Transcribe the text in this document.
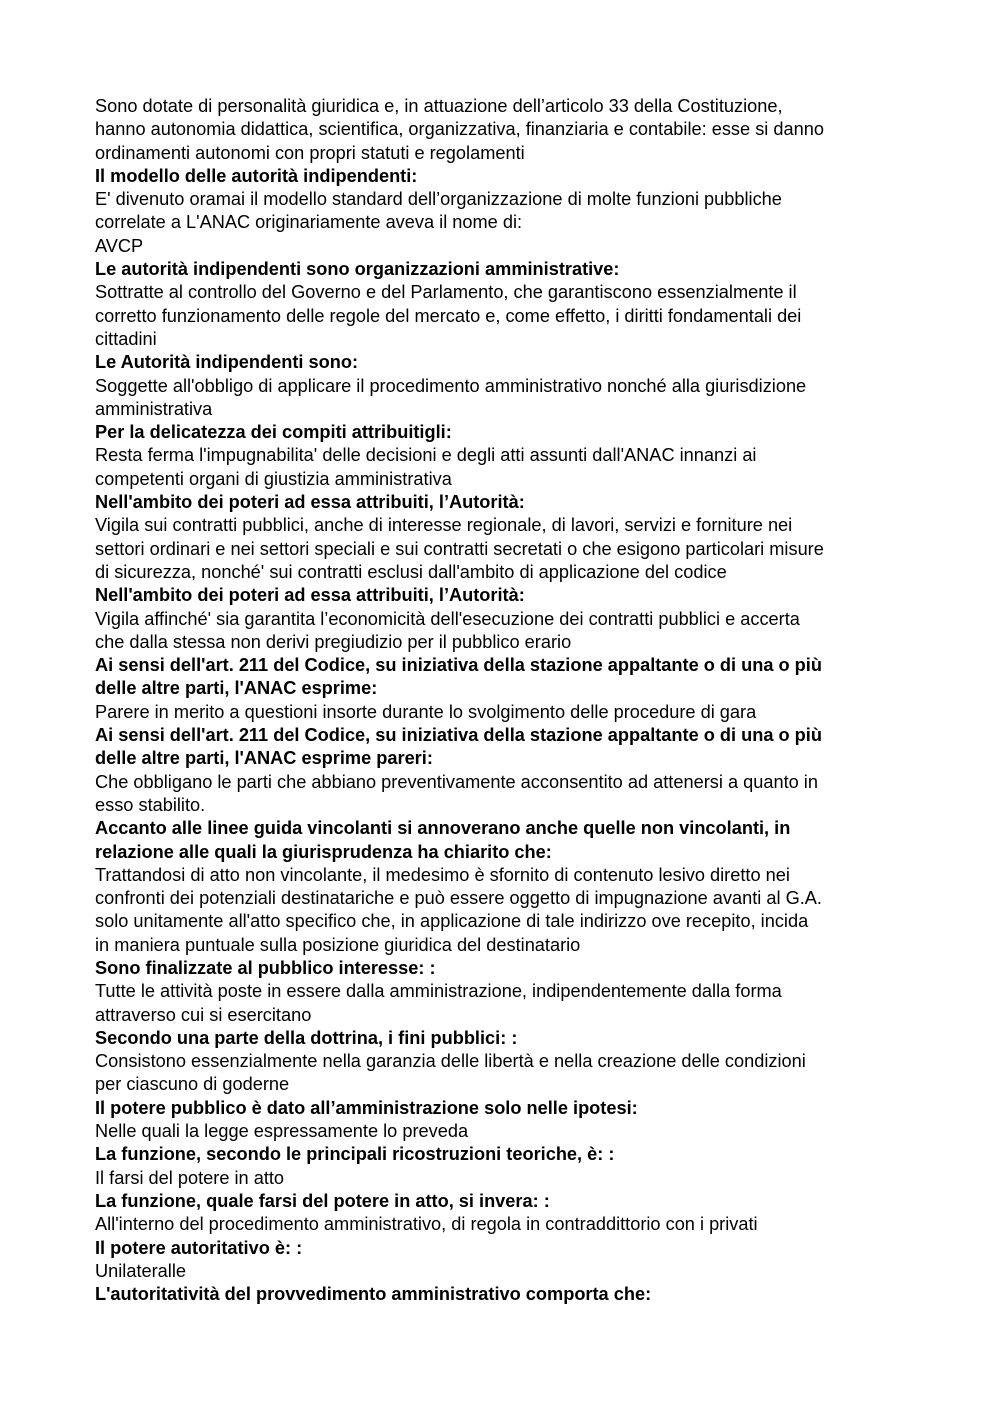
Sono dotate di personalità giuridica e, in attuazione dell’articolo 33 della Costituzione,
hanno autonomia didattica, scientifica, organizzativa, finanziaria e contabile: esse si danno
ordinamenti autonomi con propri statuti e regolamenti
Il modello delle autorità indipendenti:
E' divenuto oramai il modello standard dell’organizzazione di molte funzioni pubbliche
correlate a L'ANAC originariamente aveva il nome di:
AVCP
Le autorità indipendenti sono organizzazioni amministrative:
Sottratte al controllo del Governo e del Parlamento, che garantiscono essenzialmente il
corretto funzionamento delle regole del mercato e, come effetto, i diritti fondamentali dei
cittadini
Le Autorità indipendenti sono:
Soggette all'obbligo di applicare il procedimento amministrativo nonché alla giurisdizione
amministrativa
Per la delicatezza dei compiti attribuitigli:
Resta ferma l'impugnabilita' delle decisioni e degli atti assunti dall'ANAC innanzi ai
competenti organi di giustizia amministrativa
Nell'ambito dei poteri ad essa attribuiti, l’Autorità:
Vigila sui contratti pubblici, anche di interesse regionale, di lavori, servizi e forniture nei
settori ordinari e nei settori speciali e sui contratti secretati o che esigono particolari misure
di sicurezza, nonché' sui contratti esclusi dall'ambito di applicazione del codice
Nell'ambito dei poteri ad essa attribuiti, l’Autorità:
Vigila affinché' sia garantita l’economicità dell'esecuzione dei contratti pubblici e accerta
che dalla stessa non derivi pregiudizio per il pubblico erario
Ai sensi dell'art. 211 del Codice, su iniziativa della stazione appaltante o di una o più
delle altre parti, l'ANAC esprime:
Parere in merito a questioni insorte durante lo svolgimento delle procedure di gara
Ai sensi dell'art. 211 del Codice, su iniziativa della stazione appaltante o di una o più
delle altre parti, l'ANAC esprime pareri:
Che obbligano le parti che abbiano preventivamente acconsentito ad attenersi a quanto in
esso stabilito.
Accanto alle linee guida vincolanti si annoverano anche quelle non vincolanti, in
relazione alle quali la giurisprudenza ha chiarito che:
Trattandosi di atto non vincolante, il medesimo è sfornito di contenuto lesivo diretto nei
confronti dei potenziali destinatariche e può essere oggetto di impugnazione avanti al G.A.
solo unitamente all'atto specifico che, in applicazione di tale indirizzo ove recepito, incida
in maniera puntuale sulla posizione giuridica del destinatario
Sono finalizzate al pubblico interesse: :
Tutte le attività poste in essere dalla amministrazione, indipendentemente dalla forma
attraverso cui si esercitano
Secondo una parte della dottrina, i fini pubblici: :
Consistono essenzialmente nella garanzia delle libertà e nella creazione delle condizioni
per ciascuno di goderne
Il potere pubblico è dato all’amministrazione solo nelle ipotesi:
Nelle quali la legge espressamente lo preveda
La funzione, secondo le principali ricostruzioni teoriche, è: :
Il farsi del potere in atto
La funzione, quale farsi del potere in atto, si invera: :
All'interno del procedimento amministrativo, di regola in contraddittorio con i privati
Il potere autoritativo è: :
Unilateralle
L'autoritatività del provvedimento amministrativo comporta che:
